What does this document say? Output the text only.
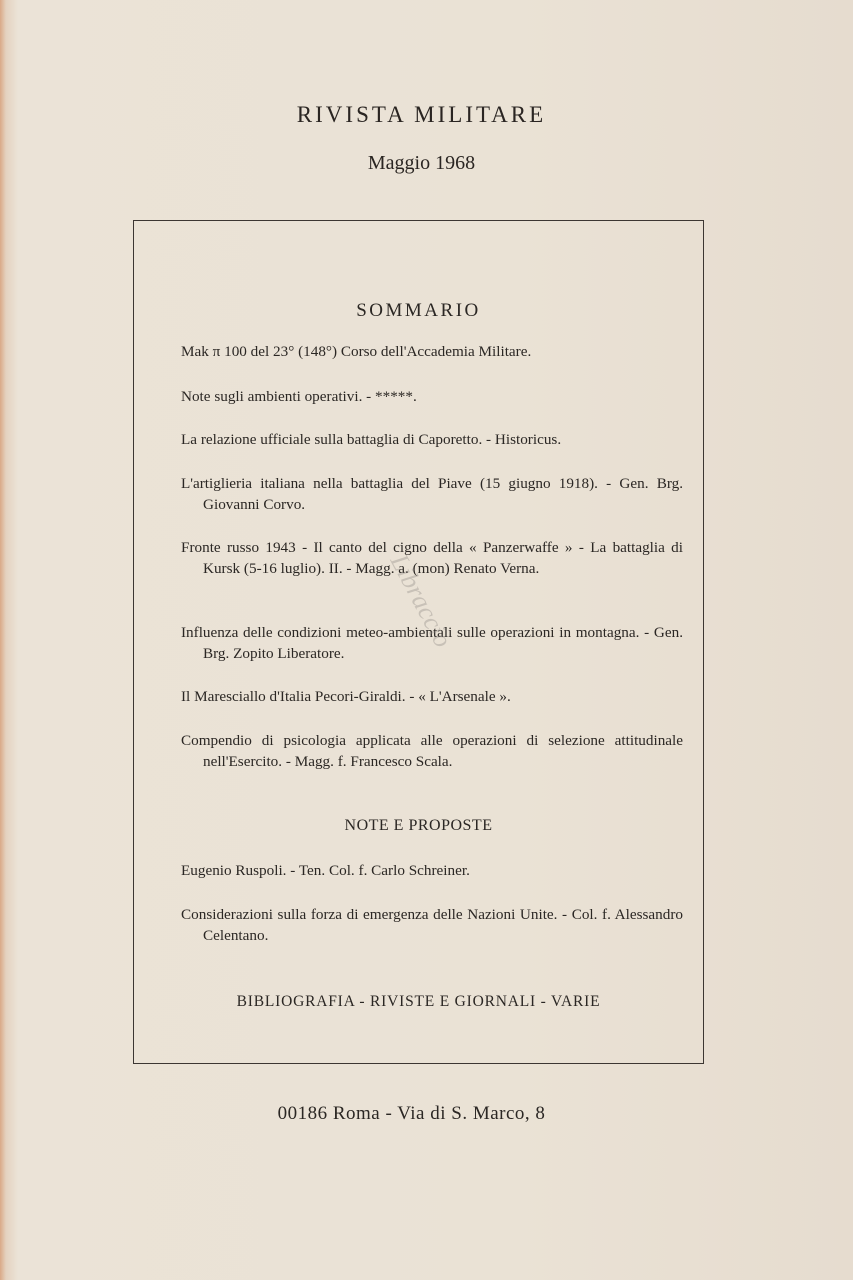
RIVISTA MILITARE
Maggio 1968
SOMMARIO
Mak π 100 del 23° (148°) Corso dell'Accademia Militare.
Note sugli ambienti operativi. - *****.
La relazione ufficiale sulla battaglia di Caporetto. - Historicus.
L'artiglieria italiana nella battaglia del Piave (15 giugno 1918). - Gen. Brg. Giovanni Corvo.
Fronte russo 1943 - Il canto del cigno della « Panzerwaffe » - La battaglia di Kursk (5-16 luglio). II. - Magg. a. (mon) Renato Verna.
Influenza delle condizioni meteo-ambientali sulle operazioni in montagna. - Gen. Brg. Zopito Liberatore.
Il Maresciallo d'Italia Pecori-Giraldi. - « L'Arsenale ».
Compendio di psicologia applicata alle operazioni di selezione attitudinale nell'Esercito. - Magg. f. Francesco Scala.
NOTE E PROPOSTE
Eugenio Ruspoli. - Ten. Col. f. Carlo Schreiner.
Considerazioni sulla forza di emergenza delle Nazioni Unite. - Col. f. Alessandro Celentano.
BIBLIOGRAFIA - RIVISTE E GIORNALI - VARIE
00186 Roma - Via di S. Marco, 8
Libraccio
